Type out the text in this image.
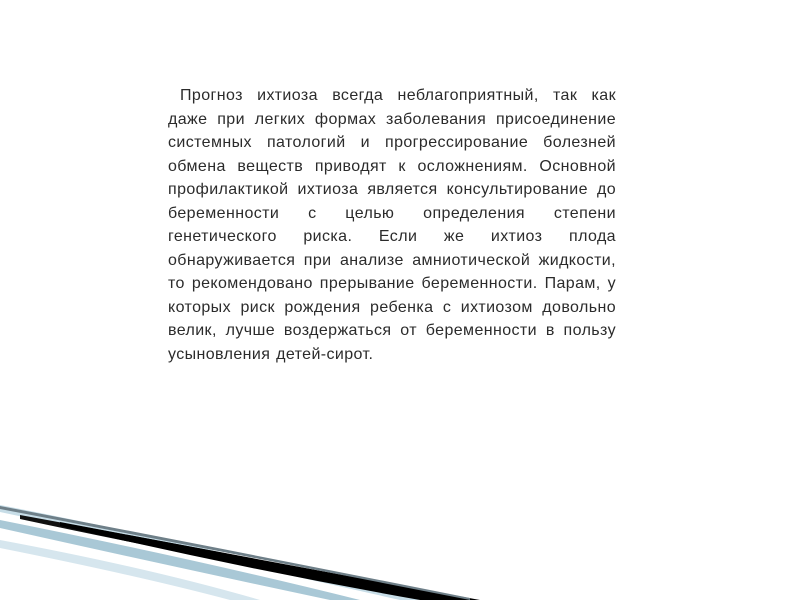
Прогноз ихтиоза всегда неблагоприятный, так как даже при легких формах заболевания присоединение системных патологий и прогрессирование болезней обмена веществ приводят к осложнениям. Основной профилактикой ихтиоза является консультирование до беременности с целью определения степени генетического риска. Если же ихтиоз плода обнаруживается при анализе амниотической жидкости, то рекомендовано прерывание беременности. Парам, у которых риск рождения ребенка с ихтиозом довольно велик, лучше воздержаться от беременности в пользу усыновления детей-сирот.
